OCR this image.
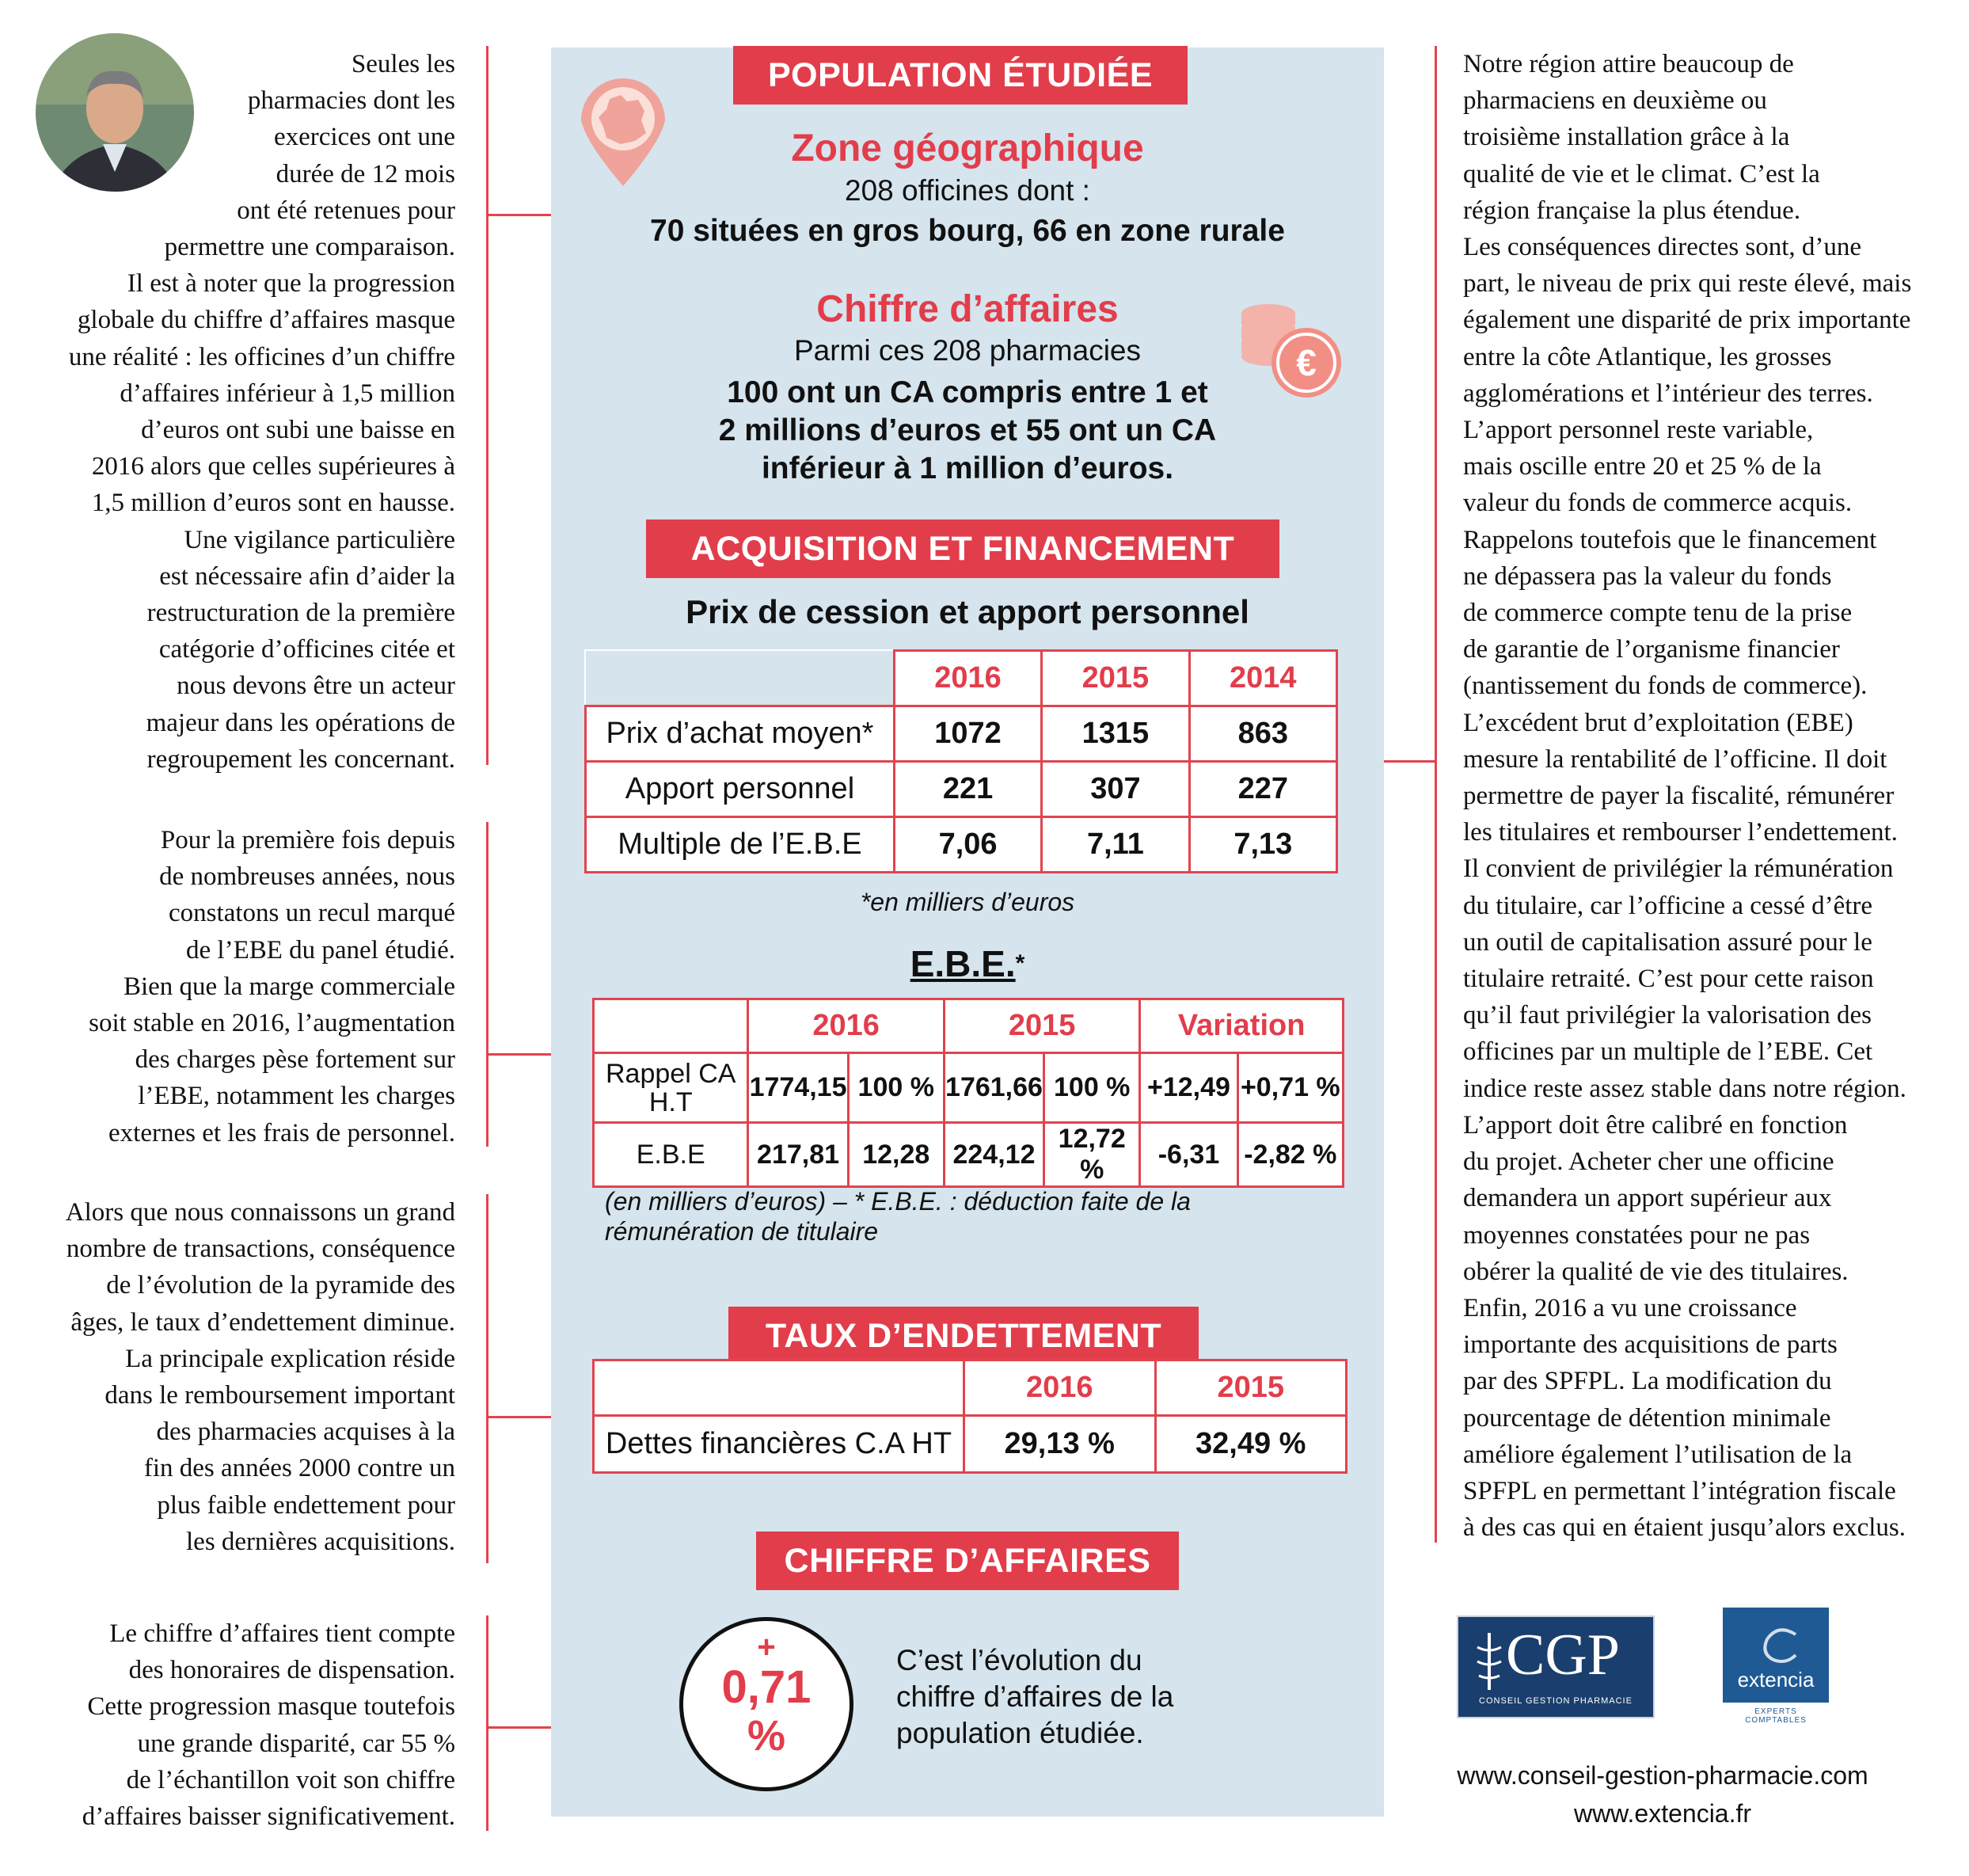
Seules les

pharmacies dont les

exercices ont une

durée de 12 mois

ont été retenues pour

permettre une comparaison.

Il est à noter que la progression

globale du chiffre d’affaires masque

une réalité : les officines d’un chiffre

d’affaires inférieur à 1,5 million

d’euros ont subi une baisse en

2016 alors que celles supérieures à

1,5 million d’euros sont en hausse.

Une vigilance particulière

est nécessaire afin d’aider la

restructuration de la première

catégorie d’officines citée et

nous devons être un acteur

majeur dans les opérations de

regroupement les concernant.

Pour la première fois depuis

de nombreuses années, nous

constatons un recul marqué

de l’EBE du panel étudié.

Bien que la marge commerciale

soit stable en 2016, l’augmentation

des charges pèse fortement sur

l’EBE, notamment les charges

externes et les frais de personnel.

Alors que nous connaissons un grand

nombre de transactions, conséquence

de l’évolution de la pyramide des

âges, le taux d’endettement diminue.

La principale explication réside

dans le remboursement important

des pharmacies acquises à la

fin des années 2000 contre un

plus faible endettement pour

les dernières acquisitions.

Le chiffre d’affaires tient compte

des honoraires de dispensation.

Cette progression masque toutefois

une grande disparité, car 55 %

de l’échantillon voit son chiffre

d’affaires baisser significativement.

POPULATION ÉTUDIÉE
Zone géographique
208 officines dont :
70 situées en gros bourg, 66 en zone rurale
Chiffre d’affaires
Parmi ces 208 pharmacies
100 ont un CA compris entre 1 et
2 millions d’euros et 55 ont un CA
inférieur à 1 million d’euros.
€
ACQUISITION ET FINANCEMENT
Prix de cession et apport personnel
	2016	2015	2014
Prix d’achat moyen*	1072	1315	863
Apport personnel	221	307	227
Multiple de l’E.B.E	7,06	7,11	7,13
*en milliers d’euros
E.B.E.*
	2016		2015		Variation	
Rappel CA H.T	1774,15	100 %	1761,66	100 %	+12,49	+0,71 %
E.B.E	217,81	12,28	224,12	12,72 %	-6,31	-2,82 %
(en milliers d’euros) – * E.B.E. : déduction faite de la
rémunération de titulaire
TAUX D’ENDETTEMENT
	2016	2015
Dettes financières C.A HT	29,13 %	32,49 %
CHIFFRE D’AFFAIRES
+
0,71
%
C’est l’évolution du
chiffre d’affaires de la
population étudiée.

Notre région attire beaucoup de

pharmaciens en deuxième ou

troisième installation grâce à la

qualité de vie et le climat. C’est la

région française la plus étendue.

Les conséquences directes sont, d’une

part, le niveau de prix qui reste élevé, mais

également une disparité de prix importante

entre la côte Atlantique, les grosses

agglomérations et l’intérieur des terres.

L’apport personnel reste variable,

mais oscille entre 20 et 25 % de la

valeur du fonds de commerce acquis.

Rappelons toutefois que le financement

ne dépassera pas la valeur du fonds

de commerce compte tenu de la prise

de garantie de l’organisme financier

(nantissement du fonds de commerce).

L’excédent brut d’exploitation (EBE)

mesure la rentabilité de l’officine. Il doit

permettre de payer la fiscalité, rémunérer

les titulaires et rembourser l’endettement.

Il convient de privilégier la rémunération

du titulaire, car l’officine a cessé d’être

un outil de capitalisation assuré pour le

titulaire retraité. C’est pour cette raison

qu’il faut privilégier la valorisation des

officines par un multiple de l’EBE. Cet

indice reste assez stable dans notre région.

L’apport doit être calibré en fonction

du projet. Acheter cher une officine

demandera un apport supérieur aux

moyennes constatées pour ne pas

obérer la qualité de vie des titulaires.

Enfin, 2016 a vu une croissance

importante des acquisitions de parts

par des SPFPL. La modification du

pourcentage de détention minimale

améliore également l’utilisation de la

SPFPL en permettant l’intégration fiscale

à des cas qui en étaient jusqu’alors exclus.

CGP
CONSEIL GESTION PHARMACIE
extencia
EXPERTS COMPTABLES
www.conseil-gestion-pharmacie.com
www.extencia.fr
